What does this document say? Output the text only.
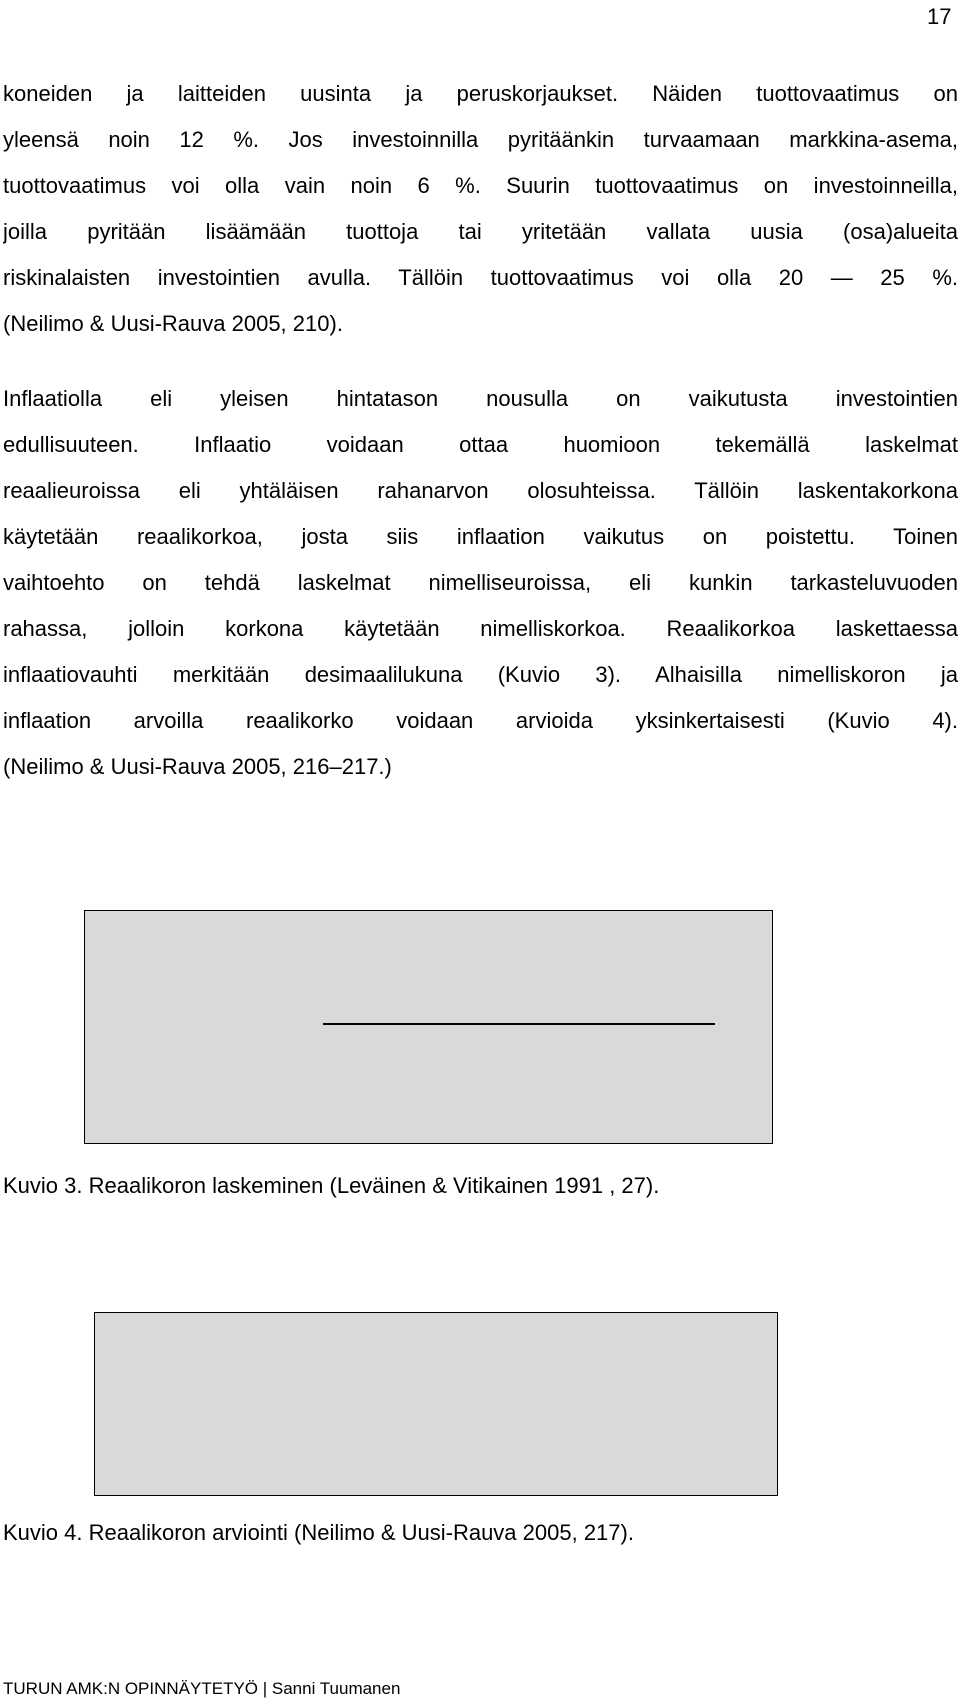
17

koneiden ja laitteiden uusinta ja peruskorjaukset. Näiden tuottovaatimus on
yleensä noin 12 %. Jos investoinnilla pyritäänkin turvaamaan markkina-asema,
tuottovaatimus voi olla vain noin 6 %. Suurin tuottovaatimus on investoinneilla,
joilla pyritään lisäämään tuottoja tai yritetään vallata uusia (osa)alueita
riskinalaisten investointien avulla. Tällöin tuottovaatimus voi olla 20 — 25 %.
(Neilimo & Uusi-Rauva 2005, 210).
Inflaatiolla eli yleisen hintatason nousulla on vaikutusta investointien
edullisuuteen. Inflaatio voidaan ottaa huomioon tekemällä laskelmat
reaalieuroissa eli yhtäläisen rahanarvon olosuhteissa. Tällöin laskentakorkona
käytetään reaalikorkoa, josta siis inflaation vaikutus on poistettu. Toinen
vaihtoehto on tehdä laskelmat nimelliseuroissa, eli kunkin tarkasteluvuoden
rahassa, jolloin korkona käytetään nimelliskorkoa. Reaalikorkoa laskettaessa
inflaatiovauhti merkitään desimaalilukuna (Kuvio 3). Alhaisilla nimelliskoron ja
inflaation arvoilla reaalikorko voidaan arvioida yksinkertaisesti (Kuvio 4).
(Neilimo & Uusi-Rauva 2005, 216–217.)

Kuvio 3. Reaalikoron laskeminen (Leväinen & Vitikainen 1991 , 27).

Kuvio 4. Reaalikoron arviointi (Neilimo & Uusi-Rauva 2005, 217).

TURUN AMK:N OPINNÄYTETYÖ | Sanni Tuumanen
